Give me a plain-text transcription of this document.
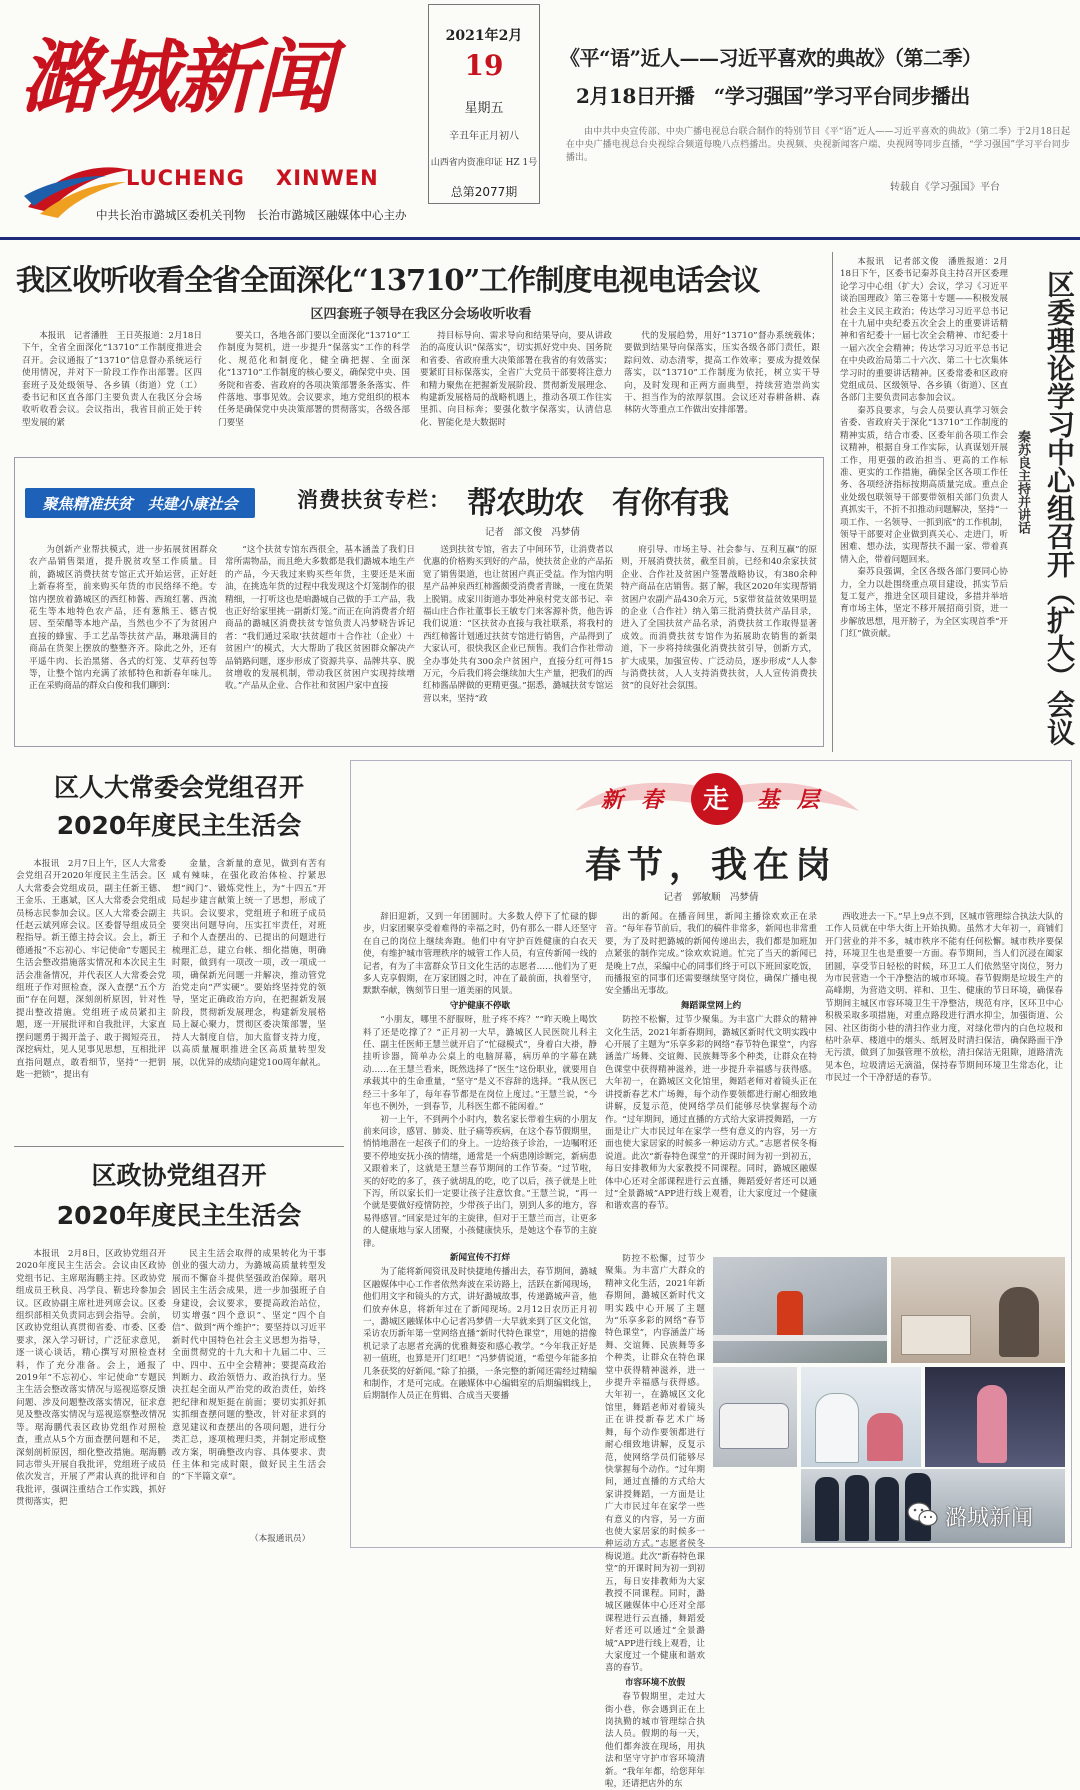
潞城新闻
LUCHENG XINWEN
中共长治市潞城区委机关刊物　长治市潞城区融媒体中心主办
2021年2月
19
星期五
辛丑年正月初八
山西省内资准印证 HZ 1号
总第2077期
《平“语”近人——习近平喜欢的典故》（第二季）
2月18日开播　“学习强国”学习平台同步播出

由中共中央宣传部、中央广播电视总台联合制作的特别节目《平“语”近人——习近平喜欢的典故》（第二季）于2月18日起在中央广播电视总台央视综合频道每晚八点档播出。央视频、央视新闻客户端、央视网等同步直播，“学习强国”学习平台同步播出。

转载自《学习强国》平台
我区收听收看全省全面深化“13710”工作制度电视电话会议
区四套班子领导在我区分会场收听收看

本报讯　记者潘胜　王日英报道：2月18日下午，全省全面深化“13710”工作制度推进会召开。会议通报了“13710”信息督办系统运行使用情况，并对下一阶段工作作出部署。区四套班子及处级领导、各乡镇（街道）党（工）委书记和区直各部门主要负责人在我区分会场收听收看会议。会议指出，我省目前正处于转型发展的紧

要关口，各地各部门要以全面深化“13710”工作制度为契机，进一步提升“保落实”工作的科学化、规范化和制度化，健全确把握、全面深化“13710”工作制度的核心要义，确保党中央、国务院和省委、省政府的各项决策部署条条落实、件件落地、事事见效。会议要求，地方党组织的根本任务是确保党中央决策部署的贯彻落实，各级各部门要坚

持目标导向、需求导向和结果导向，要从讲政治的高度认识“保落实”，切实抓好党中央、国务院和省委、省政府重大决策部署在我省的有效落实；要紧盯目标保落实，全省广大党员干部要将注意力和精力聚焦在把握新发展阶段、贯彻新发展理念、构建新发展格局的战略机遇上，推动各项工作往实里抓、向目标奔；要强化数字保落实，认清信息化、智能化是大数据时

代的发展趋势，用好“13710”督办系统载体；要做到结果导向保落实，压实各级各部门责任，跟踪问效、动态清零，提高工作效率；要成为提效保落实，以“13710”工作制度为依托，树立实干导向，及时发现和正两方面典型，持续营造崇尚实干、担当作为的浓厚氛围。会议还对春耕备耕、森林防火等重点工作做出安排部署。

本报讯　记者部文俊　潘胜报道：2月18日下午，区委书记秦苏良主持召开区委理论学习中心组（扩大）会议，学习《习近平谈治国理政》第三卷第十专题——积极发展社会主义民主政治；传达学习习近平总书记在十九届中央纪委五次全会上的重要讲话精神和省纪委十一届七次全会精神、市纪委十一届六次全会精神；传达学习习近平总书记在中央政治局第二十六次、第二十七次集体学习时的重要讲话精神。区委常委和区政府党组成员、区级领导、各乡镇（街道）、区直各部门主要负责同志参加会议。

秦苏良要求，与会人员要认真学习领会省委、省政府关于深化“13710”工作制度的精神实质，结合市委、区委年前各项工作会议精神，根据自身工作实际，认真谋划开展工作，用更强的政治担当、更高的工作标准、更实的工作措施，确保全区各项工作任务、各项经济指标按期高质量完成。重点企业处级包联领导干部要带领相关部门负责人真抓实干，不折不扣推动问题解决，坚持“一项工作、一名领导、一抓到底”的工作机制，领导干部要对企业做到真关心、走进门，听困难、想办法，实现帮扶不漏一家、带着真情入企，带着问题回来。

秦苏良强调，全区各级各部门要同心协力，全力以赴围绕重点项目建设，抓实节后复工复产，推进全区项目建设，多措并举培育市场主体，坚定不移开展招商引资，进一步解放思想，甩开膀子，为全区实现首季“开门红”做贡献。	区委理论学习中心组召开（扩大）会议
秦苏良主持并讲话
聚焦精准扶贫　共建小康社会	消费扶贫专栏： 帮农助农　有你有我
记者　部文俊　冯梦倩

为创新产业帮扶模式，进一步拓展贫困群众农产品销售渠道，提升脱贫攻坚工作质量。目前，潞城区消费扶贫专馆正式开始运营，正好赶上新春将至，前来购买年货的市民络绎不绝。专馆内摆放着潞城区的西红柿酱、西琉红薯、西流花生等本地特色农产品，还有葱熊王、德吉悦居、至荣醋等本地产品，当然也少不了为贫困户直接的蜂蜜、手工艺品等扶贫产品，琳琅满目的商品在货架上摆放的整整齐齐。除此之外，还有平遥牛肉、长治黑猪、各式的灯笼、艾草药包等等，让整个馆内充满了浓郁特色和新春年味儿。正在采购商品的群众白俊和我们聊到：

“这个扶贫专馆东西很全，基本涵盖了我们日常所需物品，而且绝大多数都是我们潞城本地生产的产品，今天我过来购买些年货，主要还是米面油，在挑选年货的过程中我发现这个灯笼制作的很精细，一打听这也是咱潞城自己做的手工产品，我也正好给家里挑一副新灯笼。”而正在向消费者介绍商品的潞城区消费扶贫专馆负责人冯梦晓告诉记者：“我们通过采取‘扶贫超市＋合作社（企业）＋贫困户’的模式，大大帮助了我区贫困群众解决产品销路问题，逐步形成了资源共享、品牌共享、脱贫增收的发展机制，带动我区贫困户实现持续增收。”产品从企业、合作社和贫困户家中直接

送到扶贫专馆，省去了中间环节，让消费者以优惠的价格购买到好的产品，使扶贫企业的产品拓宽了销售渠道，也让贫困户真正受益。作为馆内明星产品神泉西红柿酱颇受消费者青睐，一度在货架上脱销。成家川街道办事处神泉村党支部书记、幸福山庄合作社董事长王敏专门来客源补货，他告诉我们说道：“区扶贫办直接与我社联系，将我村的西红柿酱计划通过扶贫专馆进行销售，产品得到了大家认可，很快我区企业已预售。我们合作社带动全办事处共有300余户贫困户，直接分红可得15万元，今后我们将会继续加大生产量，把我们的西红柿酱品牌做的更精更强。”据悉，潞城扶贫专馆运营以来，坚持“政

府引导、市场主导、社会参与、互利互赢”的原则，开展消费扶贫，截至目前，已经和40余家扶贫企业、合作社及贫困户签署战略协议，有380余种特产商品在店销售。据了解，我区2020年实现帮销贫困户农副产品430余万元，5家带贫益贫效果明显的企业（合作社）纳入第三批消费扶贫产品目录，进入了全国扶贫产品名录，消费扶贫工作取得显著成效。而消费扶贫专馆作为拓展助农销售的新渠道，下一步将持续强化消费扶贫引导，创新方式，扩大成果，加强宣传、广泛动员，逐步形成“人人参与消费扶贫，人人支持消费扶贫，人人宣传消费扶贫”的良好社会氛围。

区人大常委会党组召开
2020年度民主生活会

本报讯　2月7日上午，区人大常委会党组召开2020年度民主生活会。区人大常委会党组成员，副主任新王德、王金乐、王惠斌，区人大常委会党组成员杨志民参加会议。区人大常委会副主任赵云斌列席会议。区委督导组成员全程指导。新王德主持会议。会上，新王德通报“不忘初心、牢记使命”专题民主生活会整改措施落实情况和本次民主生活会准备情况，并代表区人大常委会党组班子作对照检查，深入查摆“五个方面”存在问题，深刻剖析原因，针对性提出整改措施。党组班子成员紧扣主题，逐一开展批评和自我批评，大家直摆问题勇于揭开盖子、敢于揭短亮丑，深挖病灶，见人见事见思想，互相批评直指问题点，敢看细节，坚持“一把钥匙一把锁”，提出有

金量，含新量的意见，做到有苦有咸有辣味，在强化政治体检、拧紧思想“阀门”、锻炼党性上，为“十四五”开局起步建言献策上统一了思想，形成了共识。会议要求，党组班子和班子成员要突出问题导向，压实扛牢责任，对班子和个人查摆出的、已提出的问题进行梳理汇总，建立台帐、细化措施，明确时限，做到有一项改一项，改一项成一项，确保新光问题一并解决，推动管党治党走向“严实硬”。要始终坚持党的领导，坚定正确政治方向，在把握新发展阶段，贯彻新发展理念，构建新发展格局上凝心聚力，贯彻区委决策部署，坚持人大制度自信，加大监督支持力度，以高质量履职推进全区高质量转型发展，以优异的成绩向建党100周年献礼。

区政协党组召开
2020年度民主生活会

本报讯　2月8日，区政协党组召开2020年度民主生活会。会议由区政协党组书记、主席琚海鹏主持。区政协党组成员王秋良、冯学良、靳忠玲参加会议。区政协副主席杜进列席会议。区委组织部相关负责同志到会指导。会前，区政协党组认真贯彻省委、市委、区委要求，深入学习研讨，广泛征求意见，逐一谈心谈话，精心撰写对照检查材料，作了充分准备。会上，通报了2019年“不忘初心、牢记使命”专题民主生活会整改落实情况与巡视巡察反馈问题、涉及问题整改落实情况，征求意见及整改落实情况与巡视巡察整改情况等。琚海鹏代表区政协党组作对照检查，重点从5个方面查摆问题和不足，深刻剖析原因，细化整改措施。琚海鹏同志带头开展自我批评，党组班子成员依次发言，开展了严肃认真的批评和自我批评，强调注重结合工作实践，抓好贯彻落实，把

民主生活会取得的成果转化为干事创业的强大动力，为潞城高质量转型发展而不懈奋斗提供坚强政治保障。琚巩固民主生活会成果，进一步加强班子自身建设，会议要求，要提高政治站位，切实增强“四个意识”、坚定“四个自信”、做到“两个维护”；要坚持以习近平新时代中国特色社会主义思想为指导，全面贯彻党的十九大和十九届二中、三中、四中、五中全会精神；要提高政治判断力、政治领悟力、政治执行力。坚决扛起全面从严治党的政治责任，始终把纪律和规矩挺在前面；要切实抓好抓实抓细查摆问题的整改，针对征求到的意见建议和查摆出的各项问题，进行分类汇总，逐项梳理归类，并制定形成整改方案，明确整改内容、具体要求、责任主体和完成时限，做好民主生活会的“下半篇文章”。

（本报通讯员）
新 春 走 基 层
春节，我在岗
记者　郭敏顺　冯梦倩

辞旧迎新，又到一年团圆时。大多数人停下了忙碌的脚步，归家团聚享受着难得的幸福之时，仍有那么一群人还坚守在自己的岗位上继续奔跑。他们中有守护百姓健康的白衣天使，有维护城市管理秩序的城管工作人员，有宣传新闻一线的记者，有为了丰富群众节日文化生活的志愿者……他们为了更多人克享假期，在万家团圆之时，冲在了最前面，执着坚守，默默奉献，镌刻节日里一道美丽的风景。

守护健康不停歇

“小朋友，哪里不舒服呀，肚子疼不疼？”“昨天晚上喝饮料了还是吃撑了？”正月初一大早，潞城区人民医院儿科主任、副主任医师王慧兰就开启了“忙碌模式”，身着白大褂，静挂听诊器，简单办公桌上的电脑屏幕，病历单的字幕在跳动……在王慧兰看来，既然选择了“医生”这份职业，就要用自承载其中的生命重量，“坚守”是义不容辞的选择。“我从医已经三十多年了，每年春节都是在岗位上度过。”王慧兰说，“今年也不例外，一到春节，儿科医生都不能闲着。”

初一上午，不到两个小时内，数名家长带着生病的小朋友前来问诊，感冒、肺炎、肚子痛等疾病，在这个春节假期里，悄悄地潜在一起孩子们的身上。一边给孩子诊治，一边嘱咐还要不停地安抚小孩的情绪，通常是一个病患刚诊断完，新病患又跟着来了，这就是王慧兰春节期间的工作节奏。“过节啦，买的好吃的多了，孩子就胡乱的吃，吃了以后，孩子就是上吐下泻，所以家长们一定要让孩子注意饮食。”王慧兰说，“再一个就是要做好疫情防控，少带孩子出门，别到人多的地方，容易得感冒。”回家是过年的主旋律，但对于王慧兰而言，让更多的人健康地与家人团聚，小孩健康快乐，是她这个春节的主旋律。

新闻宣传不打烊

为了能将新闻资讯及时快捷地传播出去，春节期间，潞城区融媒体中心工作者依然奔波在采访路上，活跃在新闻现场，他们用文字和镜头的方式，讲好潞城故事，传递潞城声音，他们放弃休息，将新年过在了新闻现场。2月12日农历正月初一，潞城区融媒体中心记者冯梦倩一大早就来到了区文化馆，采访农历新年第一堂网络直播“新时代特色课堂”，用她的措像机记录了志愿者充满的优雅舞姿和感心教学。“今年我正好是初一值班，也算是开门红吧！”冯梦倩说道，“希望今年能多拍几条获奖的好新闻。”除了拍摄，一条完整的新闻还需经过精编和制作，才是可完成。在融媒体中心编辑室的后期编辑线上，后期制作人员正在剪辑、合成当天要播

出的新闻。在播音间里，新闻主播徐欢欢正在录音。“每年春节前后，我们的稿件非常多，新闻也非常重要，为了及时把潞城的新闻传递出去，我们都是加班加点紧张的制作完成。”徐欢欢说道。忙完了当天的新闻已是晚上7点，采编中心的同事们终于可以下班回家吃饭，而播报室的同事们还需要继续坚守岗位，确保广播电视安全播出无事故。

舞蹈课堂网上约

防控不松懈，过节少聚集。为丰富广大群众的精神文化生活，2021年新春期间，潞城区新时代文明实践中心开展了主题为“乐享多彩的网络“春节特色课堂”，内容涵盖广场舞、交谊舞、民族舞等多个种类，让群众在特色课堂中获得精神滋养，进一步提升幸福感与获得感。大年初一，在潞城区文化馆里，舞蹈老师对着镜头正在讲授新春艺术广场舞，每个动作要领都进行耐心细致地讲解，反复示范，使网络学员们能够尽快掌握每个动作。“过年期间，通过直播的方式给大家讲授舞蹈，一方面是让广大市民过年在家学一些有意义的内容，另一方面也使大家居家的时候多一种运动方式。”志愿者侯冬梅说道。此次“新春特色课堂”的开课时间为初一到初五，每日安排教师为大家教授不同课程。同时，潞城区融媒体中心还对全部课程进行云直播，舞蹈爱好者还可以通过“全景潞城”APP进行线上观看，让大家度过一个健康和谐欢喜的春节。

防控不松懈，过节少聚集。为丰富广大群众的精神文化生活，2021年新春期间，潞城区新时代文明实践中心开展了主题为“乐享多彩的网络“春节特色课堂”，内容涵盖广场舞、交谊舞、民族舞等多个种类，让群众在特色课堂中获得精神滋养，进一步提升幸福感与获得感。大年初一，在潞城区文化馆里，舞蹈老师对着镜头正在讲授新春艺术广场舞，每个动作要领都进行耐心细致地讲解，反复示范，使网络学员们能够尽快掌握每个动作。“过年期间，通过直播的方式给大家讲授舞蹈，一方面是让广大市民过年在家学一些有意义的内容，另一方面也使大家居家的时候多一种运动方式。”志愿者侯冬梅说道。此次“新春特色课堂”的开课时间为初一到初五，每日安排教师为大家教授不同课程。同时，潞城区融媒体中心还对全部课程进行云直播，舞蹈爱好者还可以通过“全景潞城”APP进行线上观看，让大家度过一个健康和谐欢喜的春节。

市容环境不放假

春节假期里，走过大街小巷，你会遇到正在上岗执勤的城市管理综合执法人员。假期的每一天，他们都奔波在现场，用执法和坚守守护市容环境清新。“我年年都，给您拜年啦，还请把店外的东

西收进去一下。”早上9点不到，区城市管理综合执法大队的工作人员就在中华大街上开始执勤。虽然才大年初一，商铺们开门营业的并不多，城市秩序不能有任何松懈。城市秩序要保持，环境卫生也是重要一方面。春节期间，当人们沉浸在阖家团圆，享受节日轻松的时候，环卫工人们依然坚守岗位，努力为市民营造一个干净整洁的城市环境。春节假期是垃圾生产的高峰期，为营造文明、祥和、卫生、健康的节日环境，确保春节期间主城区市容环境卫生干净整洁，规范有序，区环卫中心积极采取多项措施，对重点路段进行洒水抑尘，加强街道、公园、社区街街小巷的清扫作业力度，对绿化带内的白色垃圾和枯叶杂草、楼道中的烟头、纸屑及时清扫保洁，确保路面干净无污渍，做到了加强管理不放松，清扫保洁无阻隙，道路清洗见本色，垃圾清运无滴溢，保持春节期间环境卫生常态化，让市民过一个干净舒适的春节。

潞城新闻
